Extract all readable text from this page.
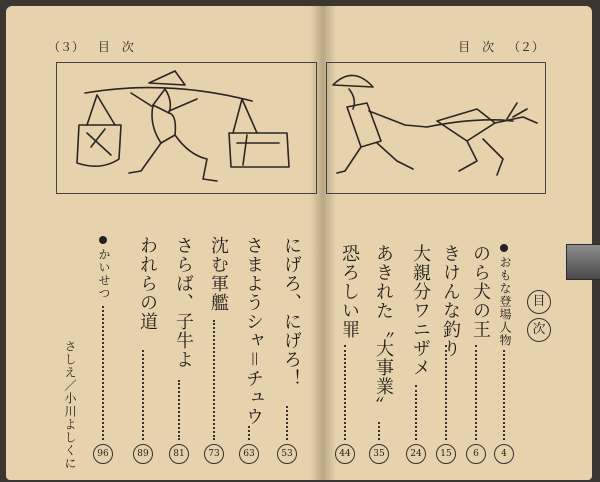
（３） 目　次	目　次 （２）
目
次
おもな登場人物
4
のら犬の王
6
きけんな釣り
15
大親分ワニザメ
24
あきれた〝大事業〟
35
恐ろしい罪
44
にげろ、にげろ！
53
さまようシャ＝チュウ
63
沈む軍艦
73
さらば、子牛よ
81
われらの道
89
かいせつ
96
さしえ／小川よしくに
